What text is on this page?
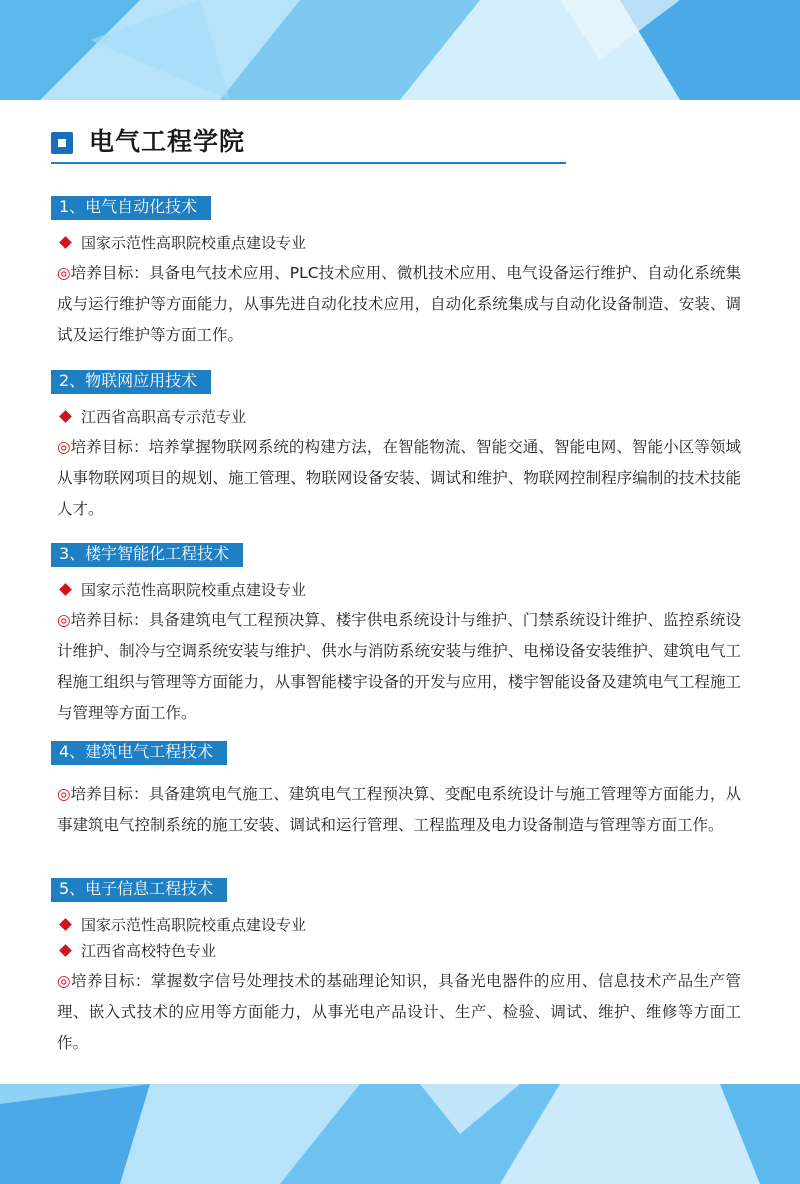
电气工程学院
1、电气自动化技术
国家示范性高职院校重点建设专业
◎培养目标：具备电气技术应用、PLC技术应用、微机技术应用、电气设备运行维护、自动化系统集成与运行维护等方面能力，从事先进自动化技术应用，自动化系统集成与自动化设备制造、安装、调试及运行维护等方面工作。
2、物联网应用技术
江西省高职高专示范专业
◎培养目标：培养掌握物联网系统的构建方法，在智能物流、智能交通、智能电网、智能小区等领域从事物联网项目的规划、施工管理、物联网设备安装、调试和维护、物联网控制程序编制的技术技能人才。
3、楼宇智能化工程技术
国家示范性高职院校重点建设专业
◎培养目标：具备建筑电气工程预决算、楼宇供电系统设计与维护、门禁系统设计维护、监控系统设计维护、制冷与空调系统安装与维护、供水与消防系统安装与维护、电梯设备安装维护、建筑电气工程施工组织与管理等方面能力，从事智能楼宇设备的开发与应用，楼宇智能设备及建筑电气工程施工与管理等方面工作。
4、建筑电气工程技术
◎培养目标：具备建筑电气施工、建筑电气工程预决算、变配电系统设计与施工管理等方面能力，从事建筑电气控制系统的施工安装、调试和运行管理、工程监理及电力设备制造与管理等方面工作。
5、电子信息工程技术
国家示范性高职院校重点建设专业
江西省高校特色专业
◎培养目标：掌握数字信号处理技术的基础理论知识，具备光电器件的应用、信息技术产品生产管理、嵌入式技术的应用等方面能力，从事光电产品设计、生产、检验、调试、维护、维修等方面工作。
